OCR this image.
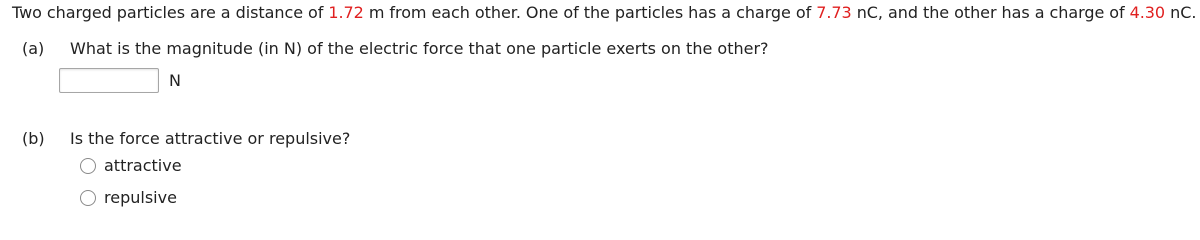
Two charged particles are a distance of 1.72 m from each other. One of the particles has a charge of 7.73 nC, and the other has a charge of 4.30 nC.
(a) What is the magnitude (in N) of the electric force that one particle exerts on the other?
N
(b) Is the force attractive or repulsive?
attractive
repulsive
